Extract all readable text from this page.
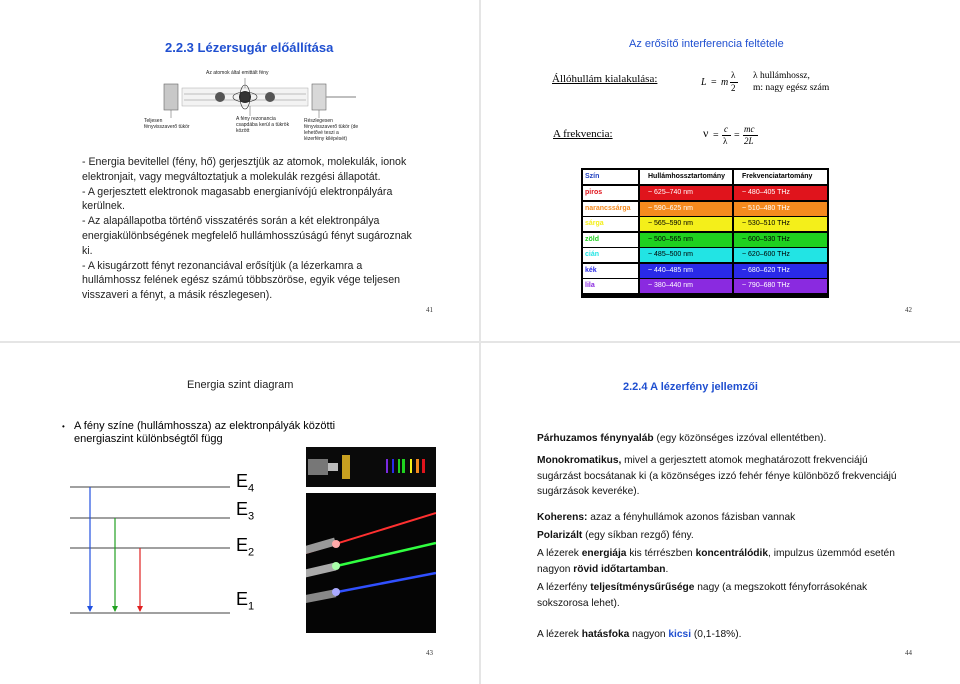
2.2.3 Lézersugár előállítása
Az atomok által emittált fény
Teljesen fényvisszaverő tükör
A fény rezonancia csapdába kerül a tükrök között
Részlegesen fényvisszaverő tükör (de lehetővé teszi a lézerfény kilépését)

- Energia bevitellel (fény, hő) gerjesztjük az atomok, molekulák, ionok elektronjait, vagy megváltoztatjuk a molekulák rezgési állapotát.

- A gerjesztett elektronok magasabb energianívójú elektronpályára kerülnek.

- Az alapállapotba történő visszatérés során a két elektronpálya energiakülönbségének megfelelő hullámhosszúságú fényt sugároznak ki.

- A kisugárzott fényt rezonanciával erősítjük (a lézerkamra a hullámhossz felének egész számú többszöröse, egyik vége teljesen visszaveri a fényt, a másik részlegesen).

41
Az erősítő interferencia feltétele
Állóhullám kialakulása:
A frekvencia:
L = m
λ
2
λ hullámhossz,
m: nagy egész szám
ν =
c
λ =
mc
2L
Szín	Hullámhossztartomány	Frekvenciatartomány
piros	~ 625–740 nm	~ 480–405 THz
narancssárga	~ 590–625 nm	~ 510–480 THz
sárga	~ 565–590 nm	~ 530–510 THz
zöld	~ 500–565 nm	~ 600–530 THz
cián	~ 485–500 nm	~ 620–600 THz
kék	~ 440–485 nm	~ 680–620 THz
lila	~ 380–440 nm	~ 790–680 THz
42
Energia szint diagram
• A fény színe (hullámhossza) az elektronpályák közötti energiaszint különbségtől függ
$E_4$
$E_3$
$E_2$
$E_1$
43
2.2.4 A lézerfény jellemzői
Párhuzamos fénynyaláb (egy közönséges izzóval ellentétben).
Monokromatikus, mivel a gerjesztett atomok meghatározott frekvenciájú sugárzást bocsátanak ki (a közönséges izzó fehér fénye különböző frekvenciájú sugárzások keveréke).
Koherens: azaz a fényhullámok azonos fázisban vannak
Polarizált (egy síkban rezgő) fény.
A lézerek energiája kis térrészben koncentrálódik, impulzus üzemmód esetén nagyon rövid időtartamban.
A lézerfény teljesítménysűrűsége nagy (a megszokott fényforrásokénak sokszorosa lehet).
A lézerek hatásfoka nagyon kicsi (0,1-18%).
44
